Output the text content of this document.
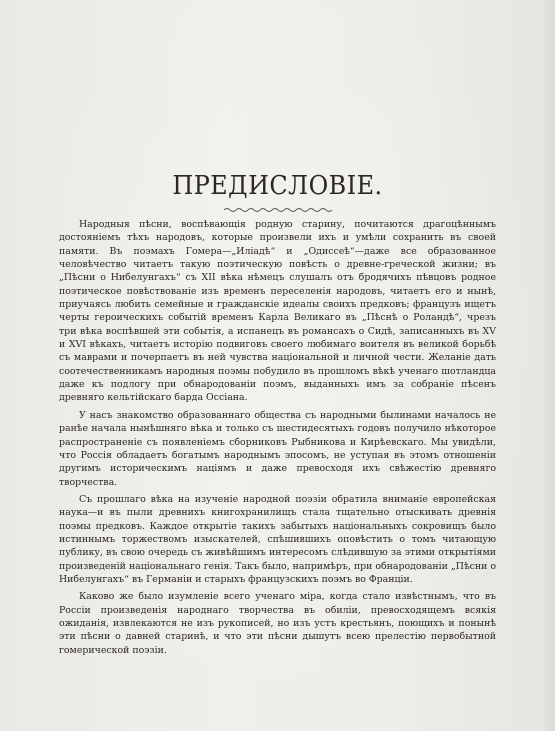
ПРЕДИСЛОВІЕ.

Народныя пѣсни, воспѣвающія родную старину, почитаются драгоцѣннымъ достояніемъ тѣхъ народовъ, которые произвели ихъ и умѣли сохранить въ своей памяти. Въ поэмахъ Гомера—„Иліадѣ“ и „Одиссеѣ“—даже все образованное человѣчество читаетъ такую поэтическую повѣсть о древне-греческой жизни; въ „Пѣсни о Нибелунгахъ“ съ XII вѣка нѣмецъ слушалъ отъ бродячихъ пѣвцовъ родное поэтическое повѣствованіе изъ временъ переселенія народовъ, читаетъ его и нынѣ, приучаясь любить семейные и гражданскіе идеалы своихъ предковъ; французъ ищетъ черты героическихъ событій временъ Карла Великаго въ „Пѣснѣ о Роландѣ“, чрезъ три вѣка воспѣвшей эти событія, а испанецъ въ романсахъ о Сидѣ, записанныхъ въ XV и XVI вѣкахъ, читаетъ исторію подвиговъ своего любимаго воителя въ великой борьбѣ съ маврами и почерпаетъ въ ней чувства національной и личной чести. Желаніе дать соотечественникамъ народныя поэмы побудило въ прошломъ вѣкѣ ученаго шотландца даже къ подлогу при обнародованіи поэмъ, выданныхъ имъ за собраніе пѣсенъ древняго кельтійскаго барда Оссіана.

У насъ знакомство образованнаго общества съ народными былинами началось не ранѣе начала нынѣшняго вѣка и только съ шестидесятыхъ годовъ получило нѣкоторое распространеніе съ появленіемъ сборниковъ Рыбникова и Кирѣевскаго. Мы увидѣли, что Россія обладаетъ богатымъ народнымъ эпосомъ, не уступая въ этомъ отношеніи другимъ историческимъ націямъ и даже превосходя ихъ свѣжестію древняго творчества.

Съ прошлаго вѣка на изученіе народной поэзіи обратила вниманіе европейская наука—и въ пыли древнихъ книгохранилищъ стала тщательно отыскивать древнія поэмы предковъ. Каждое открытіе такихъ забытыхъ національныхъ сокровищъ было истиннымъ торжествомъ изыскателей, спѣшившихъ оповѣстить о томъ читающую публику, въ свою очередь съ живѣйшимъ интересомъ слѣдившую за этими открытіями произведеній національнаго генія. Такъ было, напримѣръ, при обнародованіи „Пѣсни о Нибелунгахъ“ въ Германіи и старыхъ французскихъ поэмъ во Франціи.

Каково же было изумленіе всего ученаго міра, когда стало извѣстнымъ, что въ Россіи произведенія народнаго творчества въ обиліи, превосходящемъ всякія ожиданія, извлекаются не изъ рукописей, но изъ устъ крестьянъ, поющихъ и понынѣ эти пѣсни о давней старинѣ, и что эти пѣсни дышутъ всею прелестію первобытной гомерической поэзіи.
